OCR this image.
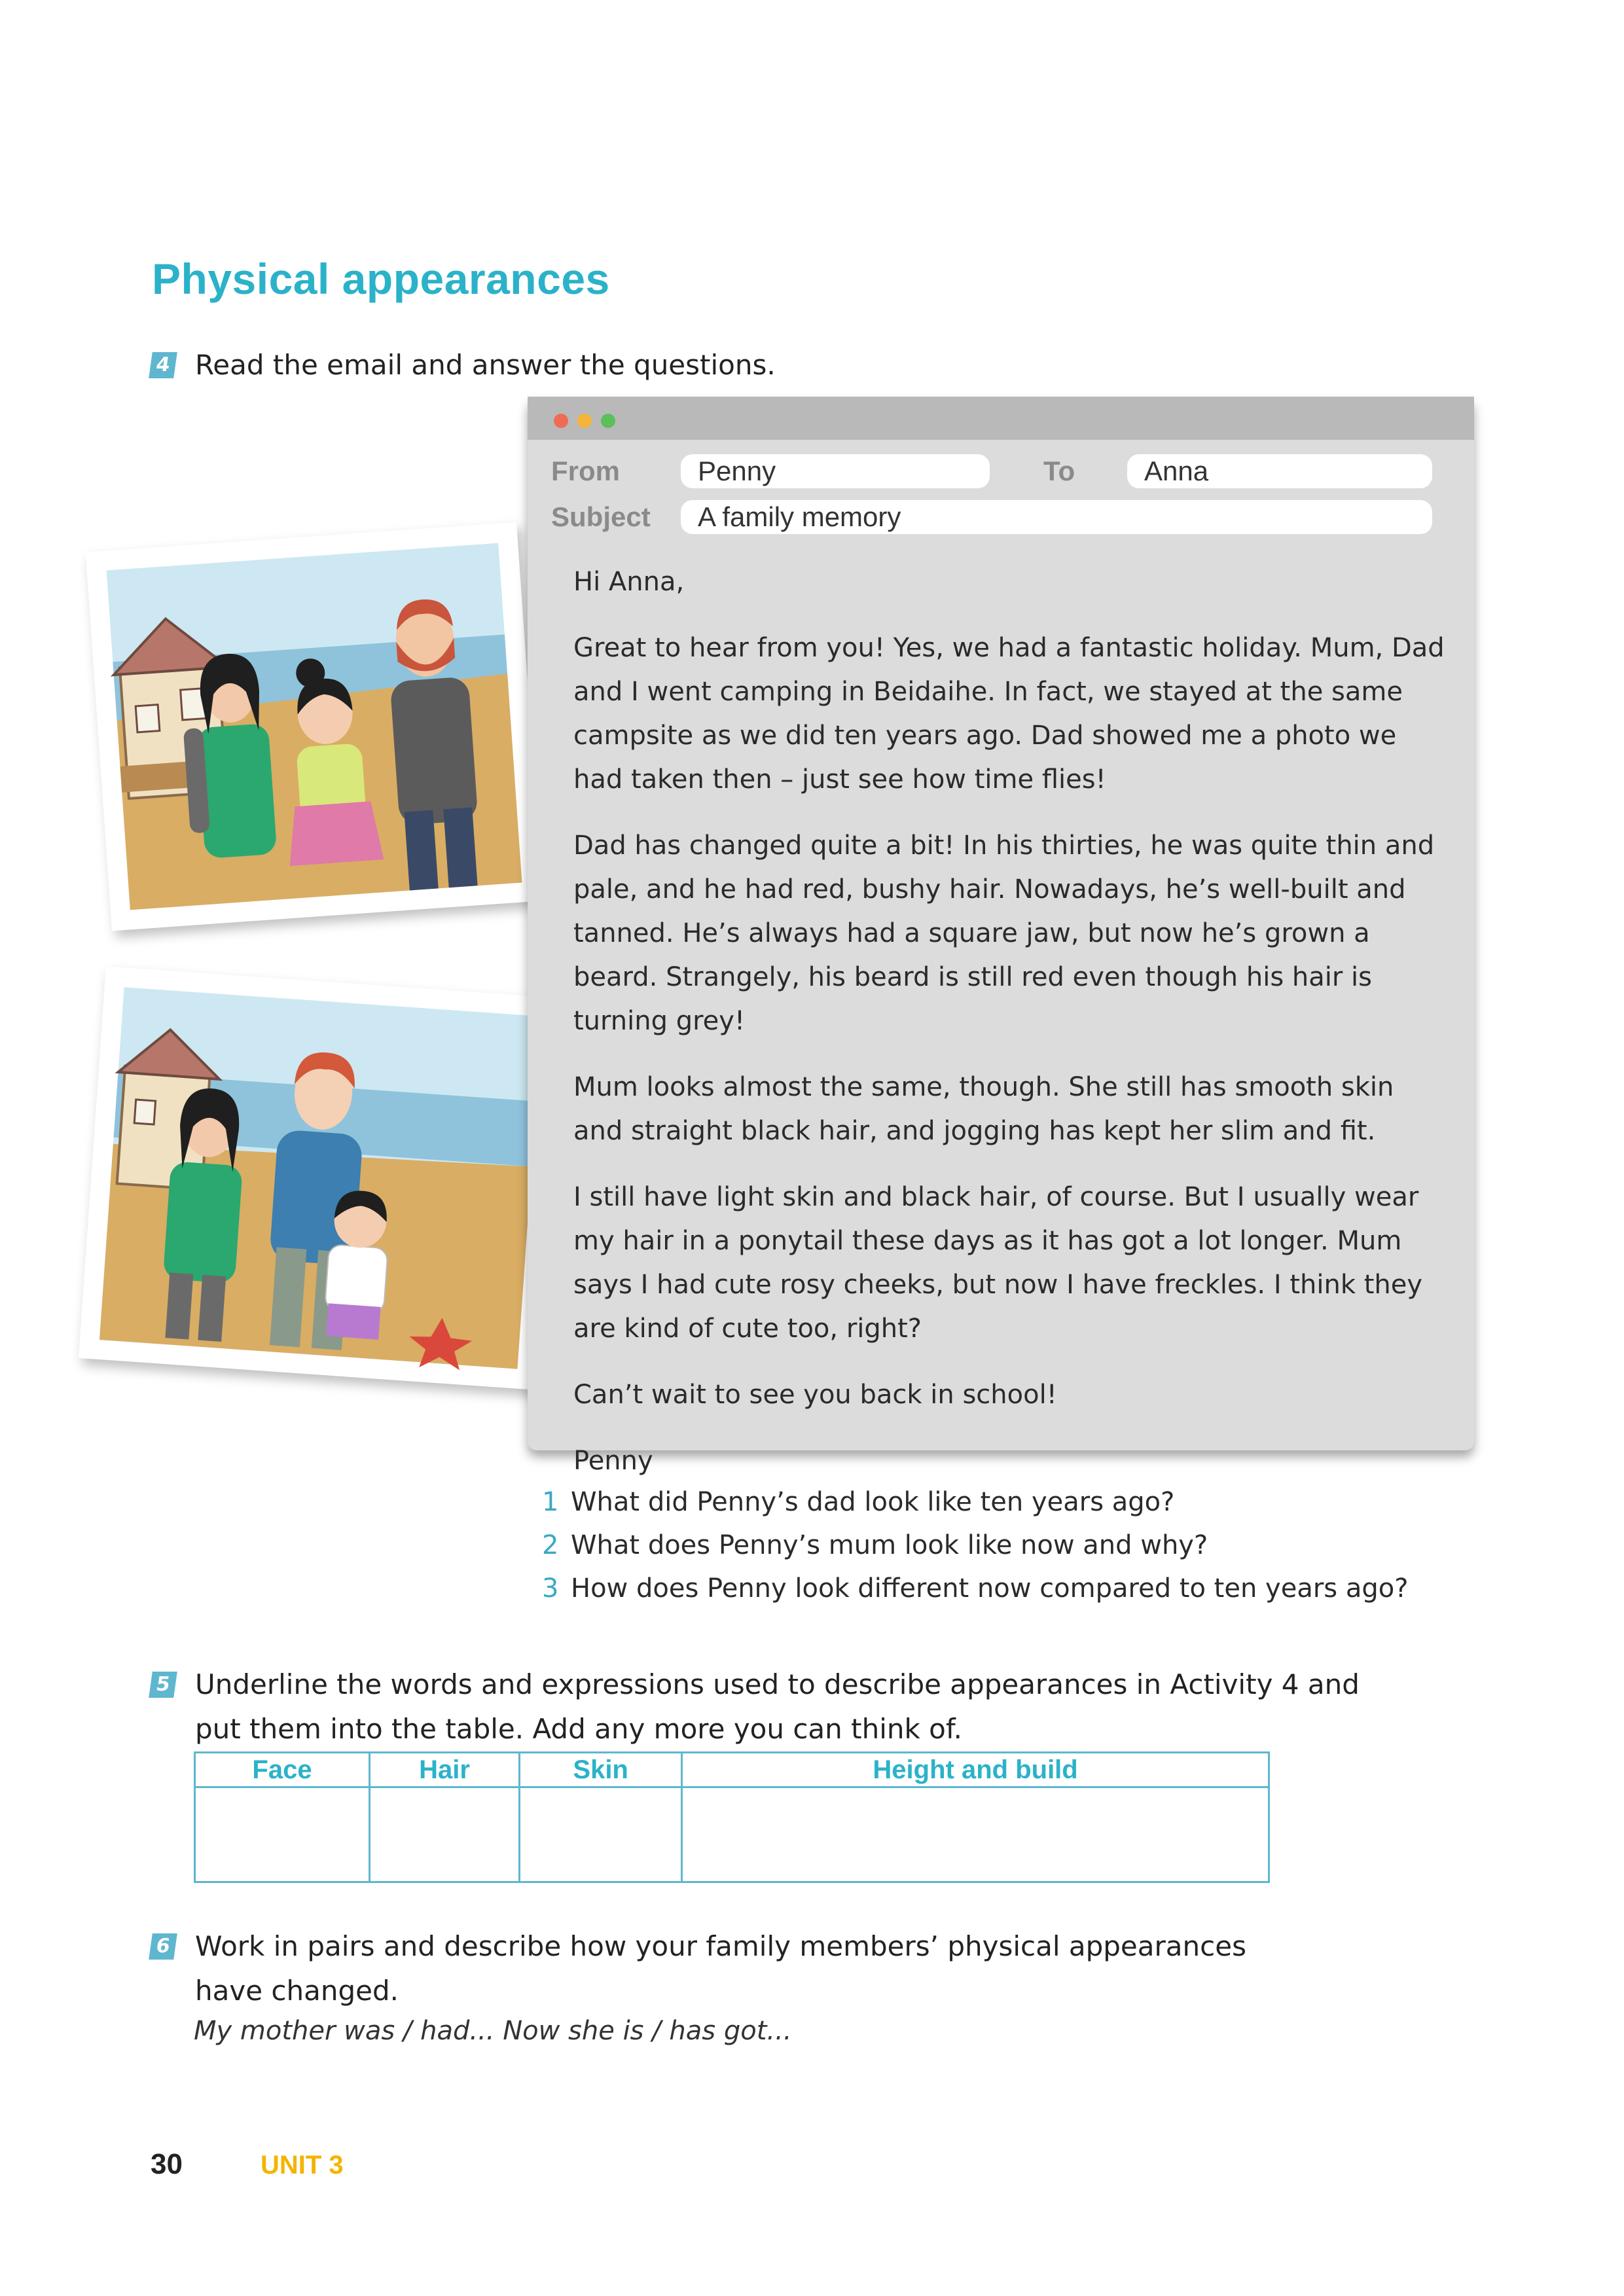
Physical appearances
4 Read the email and answer the questions.
From	Penny	To	Anna
Subject	A family memory

Hi Anna,

Great to hear from you! Yes, we had a fantastic holiday. Mum, Dad and I went camping in Beidaihe. In fact, we stayed at the same campsite as we did ten years ago. Dad showed me a photo we had taken then – just see how time flies!

Dad has changed quite a bit! In his thirties, he was quite thin and pale, and he had red, bushy hair. Nowadays, he’s well-built and tanned. He’s always had a square jaw, but now he’s grown a beard. Strangely, his beard is still red even though his hair is turning grey!

Mum looks almost the same, though. She still has smooth skin and straight black hair, and jogging has kept her slim and fit.

I still have light skin and black hair, of course. But I usually wear my hair in a ponytail these days as it has got a lot longer. Mum says I had cute rosy cheeks, but now I have freckles. I think they are kind of cute too, right?

Can’t wait to see you back in school!

Penny

1 What did Penny’s dad look like ten years ago?
2 What does Penny’s mum look like now and why?
3 How does Penny look different now compared to ten years ago?
5 Underline the words and expressions used to describe appearances in Activity 4 and
put them into the table. Add any more you can think of.
Face	Hair	Skin	Height and build

6 Work in pairs and describe how your family members’ physical appearances
have changed.
My mother was / had... Now she is / has got...
30	UNIT 3
